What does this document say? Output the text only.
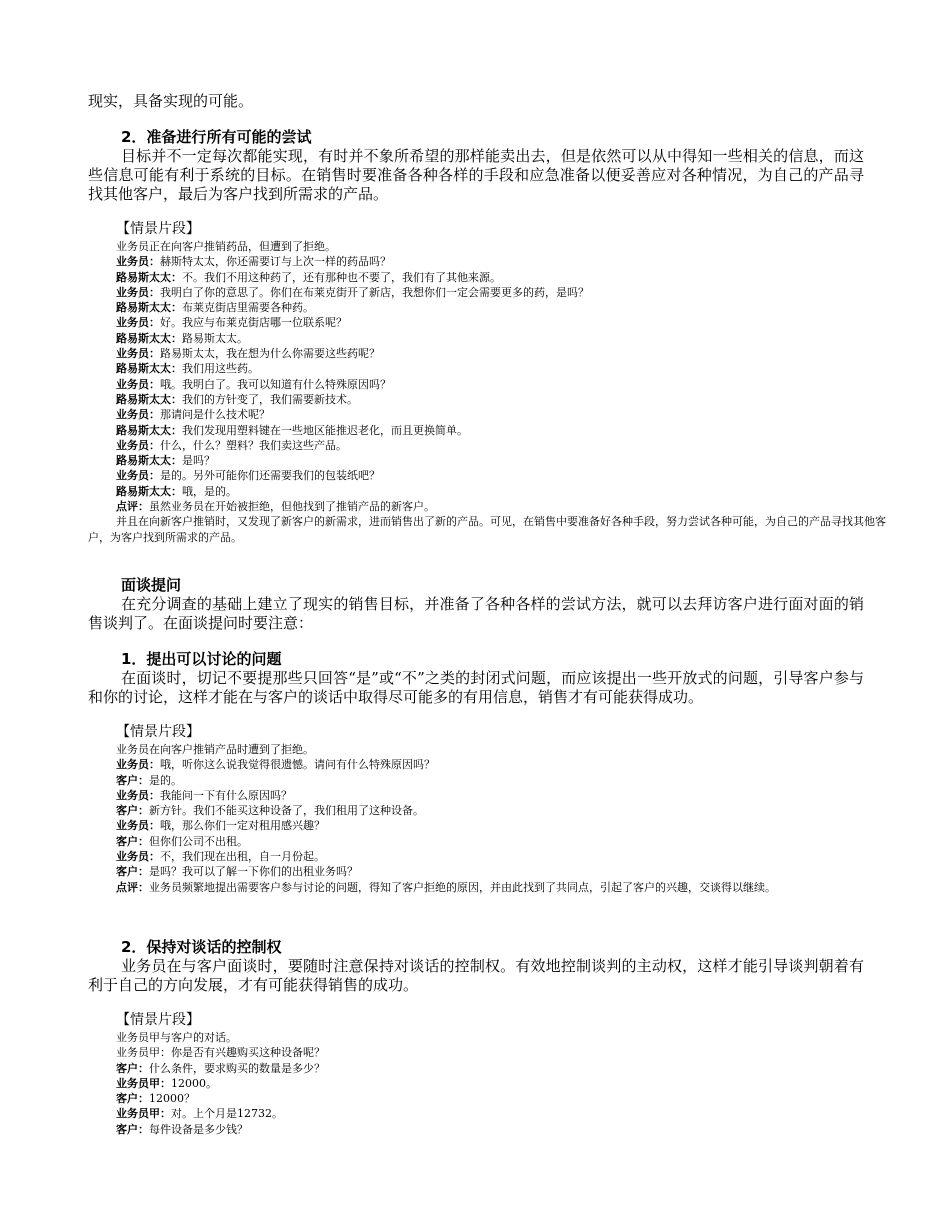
现实，具备实现的可能。

2．准备进行所有可能的尝试

目标并不一定每次都能实现，有时并不象所希望的那样能卖出去，但是依然可以从中得知一些相关的信息，而这些信息可能有利于系统的目标。在销售时要准备各种各样的手段和应急准备以便妥善应对各种情况，为自己的产品寻找其他客户，最后为客户找到所需求的产品。

【情景片段】

业务员正在向客户推销药品，但遭到了拒绝。

业务员：赫斯特太太，你还需要订与上次一样的药品吗？

路易斯太太：不。我们不用这种药了，还有那种也不要了，我们有了其他来源。

业务员：我明白了你的意思了。你们在布莱克街开了新店，我想你们一定会需要更多的药，是吗？

路易斯太太：布莱克街店里需要各种药。

业务员：好。我应与布莱克街店哪一位联系呢？

路易斯太太：路易斯太太。

业务员：路易斯太太，我在想为什么你需要这些药呢？

路易斯太太：我们用这些药。

业务员：哦。我明白了。我可以知道有什么特殊原因吗？

路易斯太太：我们的方针变了，我们需要新技术。

业务员：那请问是什么技术呢？

路易斯太太：我们发现用塑料键在一些地区能推迟老化，而且更换简单。

业务员：什么，什么？塑料？我们卖这些产品。

路易斯太太：是吗？

业务员：是的。另外可能你们还需要我们的包装纸吧？

路易斯太太：哦，是的。

点评：虽然业务员在开始被拒绝，但他找到了推销产品的新客户。

并且在向新客户推销时，又发现了新客户的新需求，进而销售出了新的产品。可见，在销售中要准备好各种手段，努力尝试各种可能，为自己的产品寻找其他客户，为客户找到所需求的产品。

面谈提问

在充分调查的基础上建立了现实的销售目标，并准备了各种各样的尝试方法，就可以去拜访客户进行面对面的销售谈判了。在面谈提问时要注意：

1．提出可以讨论的问题

在面谈时，切记不要提那些只回答“是”或“不”之类的封闭式问题，而应该提出一些开放式的问题，引导客户参与和你的讨论，这样才能在与客户的谈话中取得尽可能多的有用信息，销售才有可能获得成功。

【情景片段】

业务员在向客户推销产品时遭到了拒绝。

业务员：哦，听你这么说我觉得很遗憾。请问有什么特殊原因吗？

客户：是的。

业务员：我能问一下有什么原因吗？

客户：新方针。我们不能买这种设备了，我们租用了这种设备。

业务员：哦，那么你们一定对租用感兴趣？

客户：但你们公司不出租。

业务员：不，我们现在出租，自一月份起。

客户：是吗？我可以了解一下你们的出租业务吗？

点评：业务员频繁地提出需要客户参与讨论的问题，得知了客户拒绝的原因，并由此找到了共同点，引起了客户的兴趣，交谈得以继续。

2．保持对谈话的控制权

业务员在与客户面谈时，要随时注意保持对谈话的控制权。有效地控制谈判的主动权，这样才能引导谈判朝着有利于自己的方向发展，才有可能获得销售的成功。

【情景片段】

业务员甲与客户的对话。

业务员甲：你是否有兴趣购买这种设备呢？

客户：什么条件，要求购买的数量是多少？

业务员甲：12000。

客户：12000？

业务员甲：对。上个月是12732。

客户：每件设备是多少钱？
